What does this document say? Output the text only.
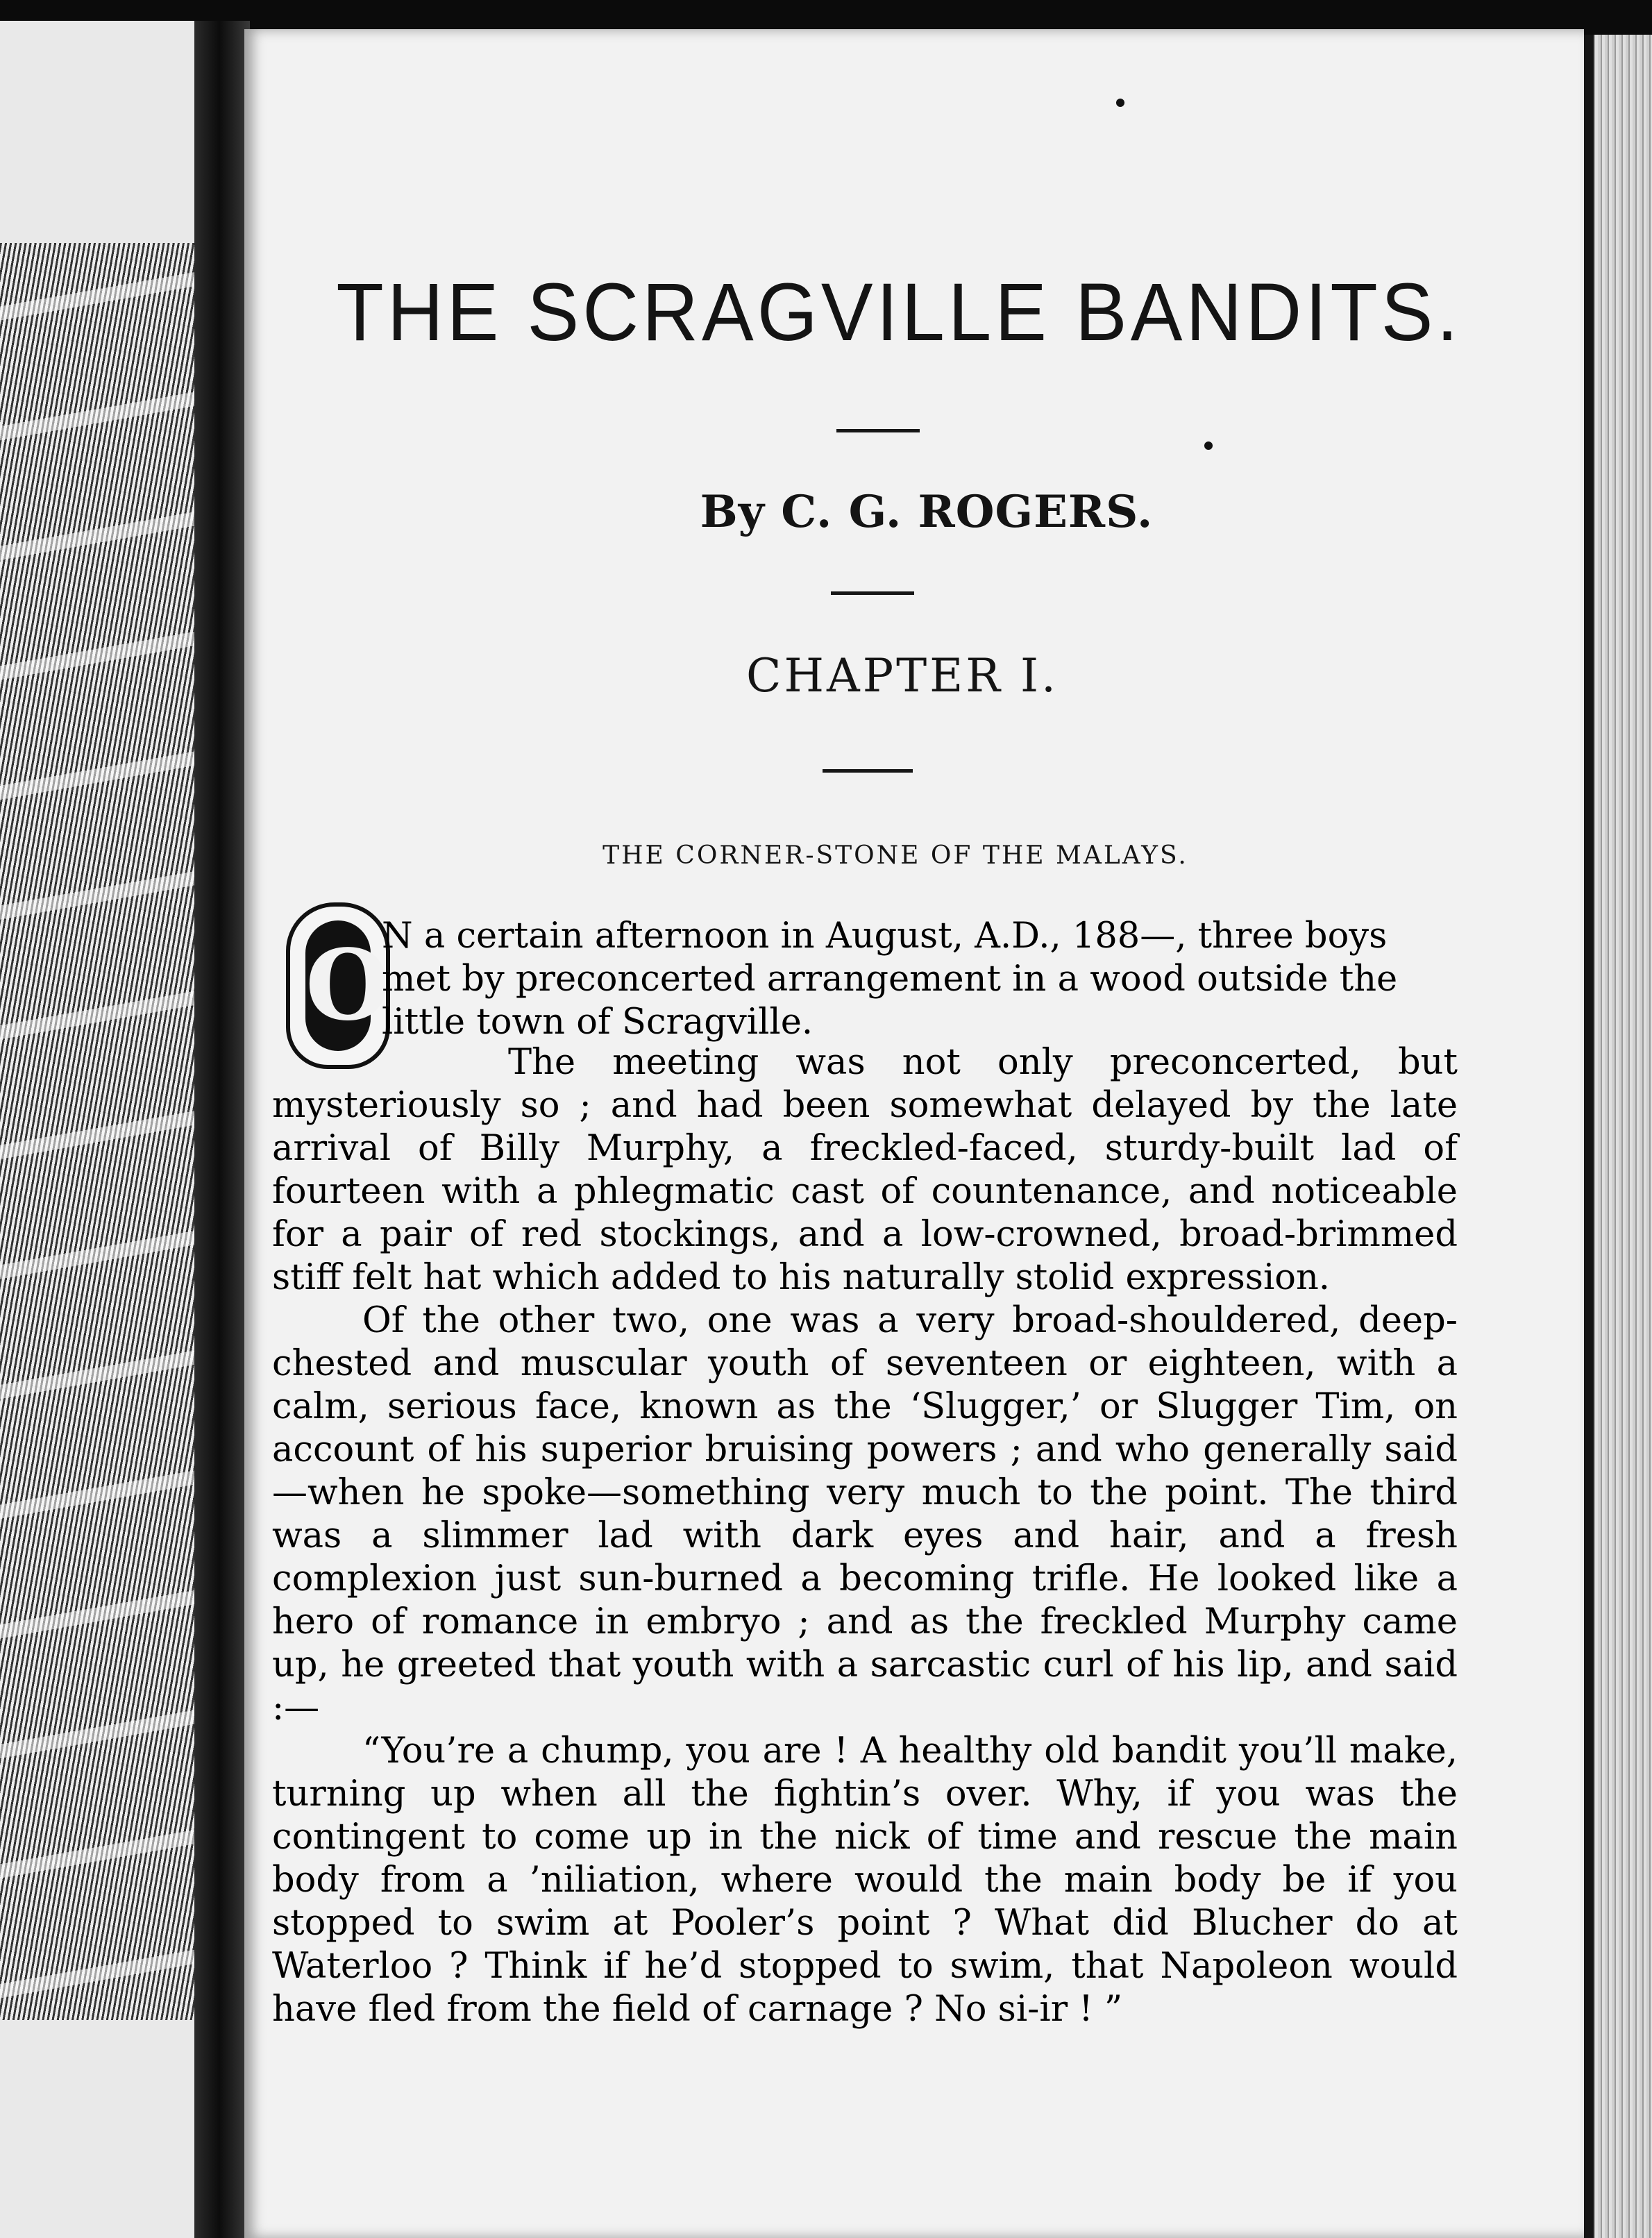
THE SCRAGVILLE BANDITS.
By C. G. ROGERS.
CHAPTER I.
THE CORNER-STONE OF THE MALAYS.
O
N a certain afternoon in August, A.D., 188—, three boys
met by preconcerted arrangement in a wood outside the
little town of Scragville.

The meeting was not only preconcerted, but mysteriously so ; and had been somewhat delayed by the late arrival of Billy Murphy, a freckled-faced, sturdy-built lad of fourteen with a phlegmatic cast of countenance, and noticeable for a pair of red stockings, and a low-crowned, broad-brimmed stiff felt hat which added to his naturally stolid expression.

Of the other two, one was a very broad-shouldered, deep-chested and muscular youth of seventeen or eighteen, with a calm, serious face, known as the ‘Slugger,’ or Slugger Tim, on account of his superior bruising powers ; and who generally said—when he spoke—something very much to the point. The third was a slimmer lad with dark eyes and hair, and a fresh complexion just sun-burned a becoming trifle. He looked like a hero of romance in embryo ; and as the freckled Murphy came up, he greeted that youth with a sarcastic curl of his lip, and said :—

“You’re a chump, you are ! A healthy old bandit you’ll make, turning up when all the fightin’s over. Why, if you was the contingent to come up in the nick of time and rescue the main body from a ’niliation, where would the main body be if you stopped to swim at Pooler’s point ? What did Blucher do at Waterloo ? Think if he’d stopped to swim, that Napoleon would have fled from the field of carnage ? No si-ir ! ”
